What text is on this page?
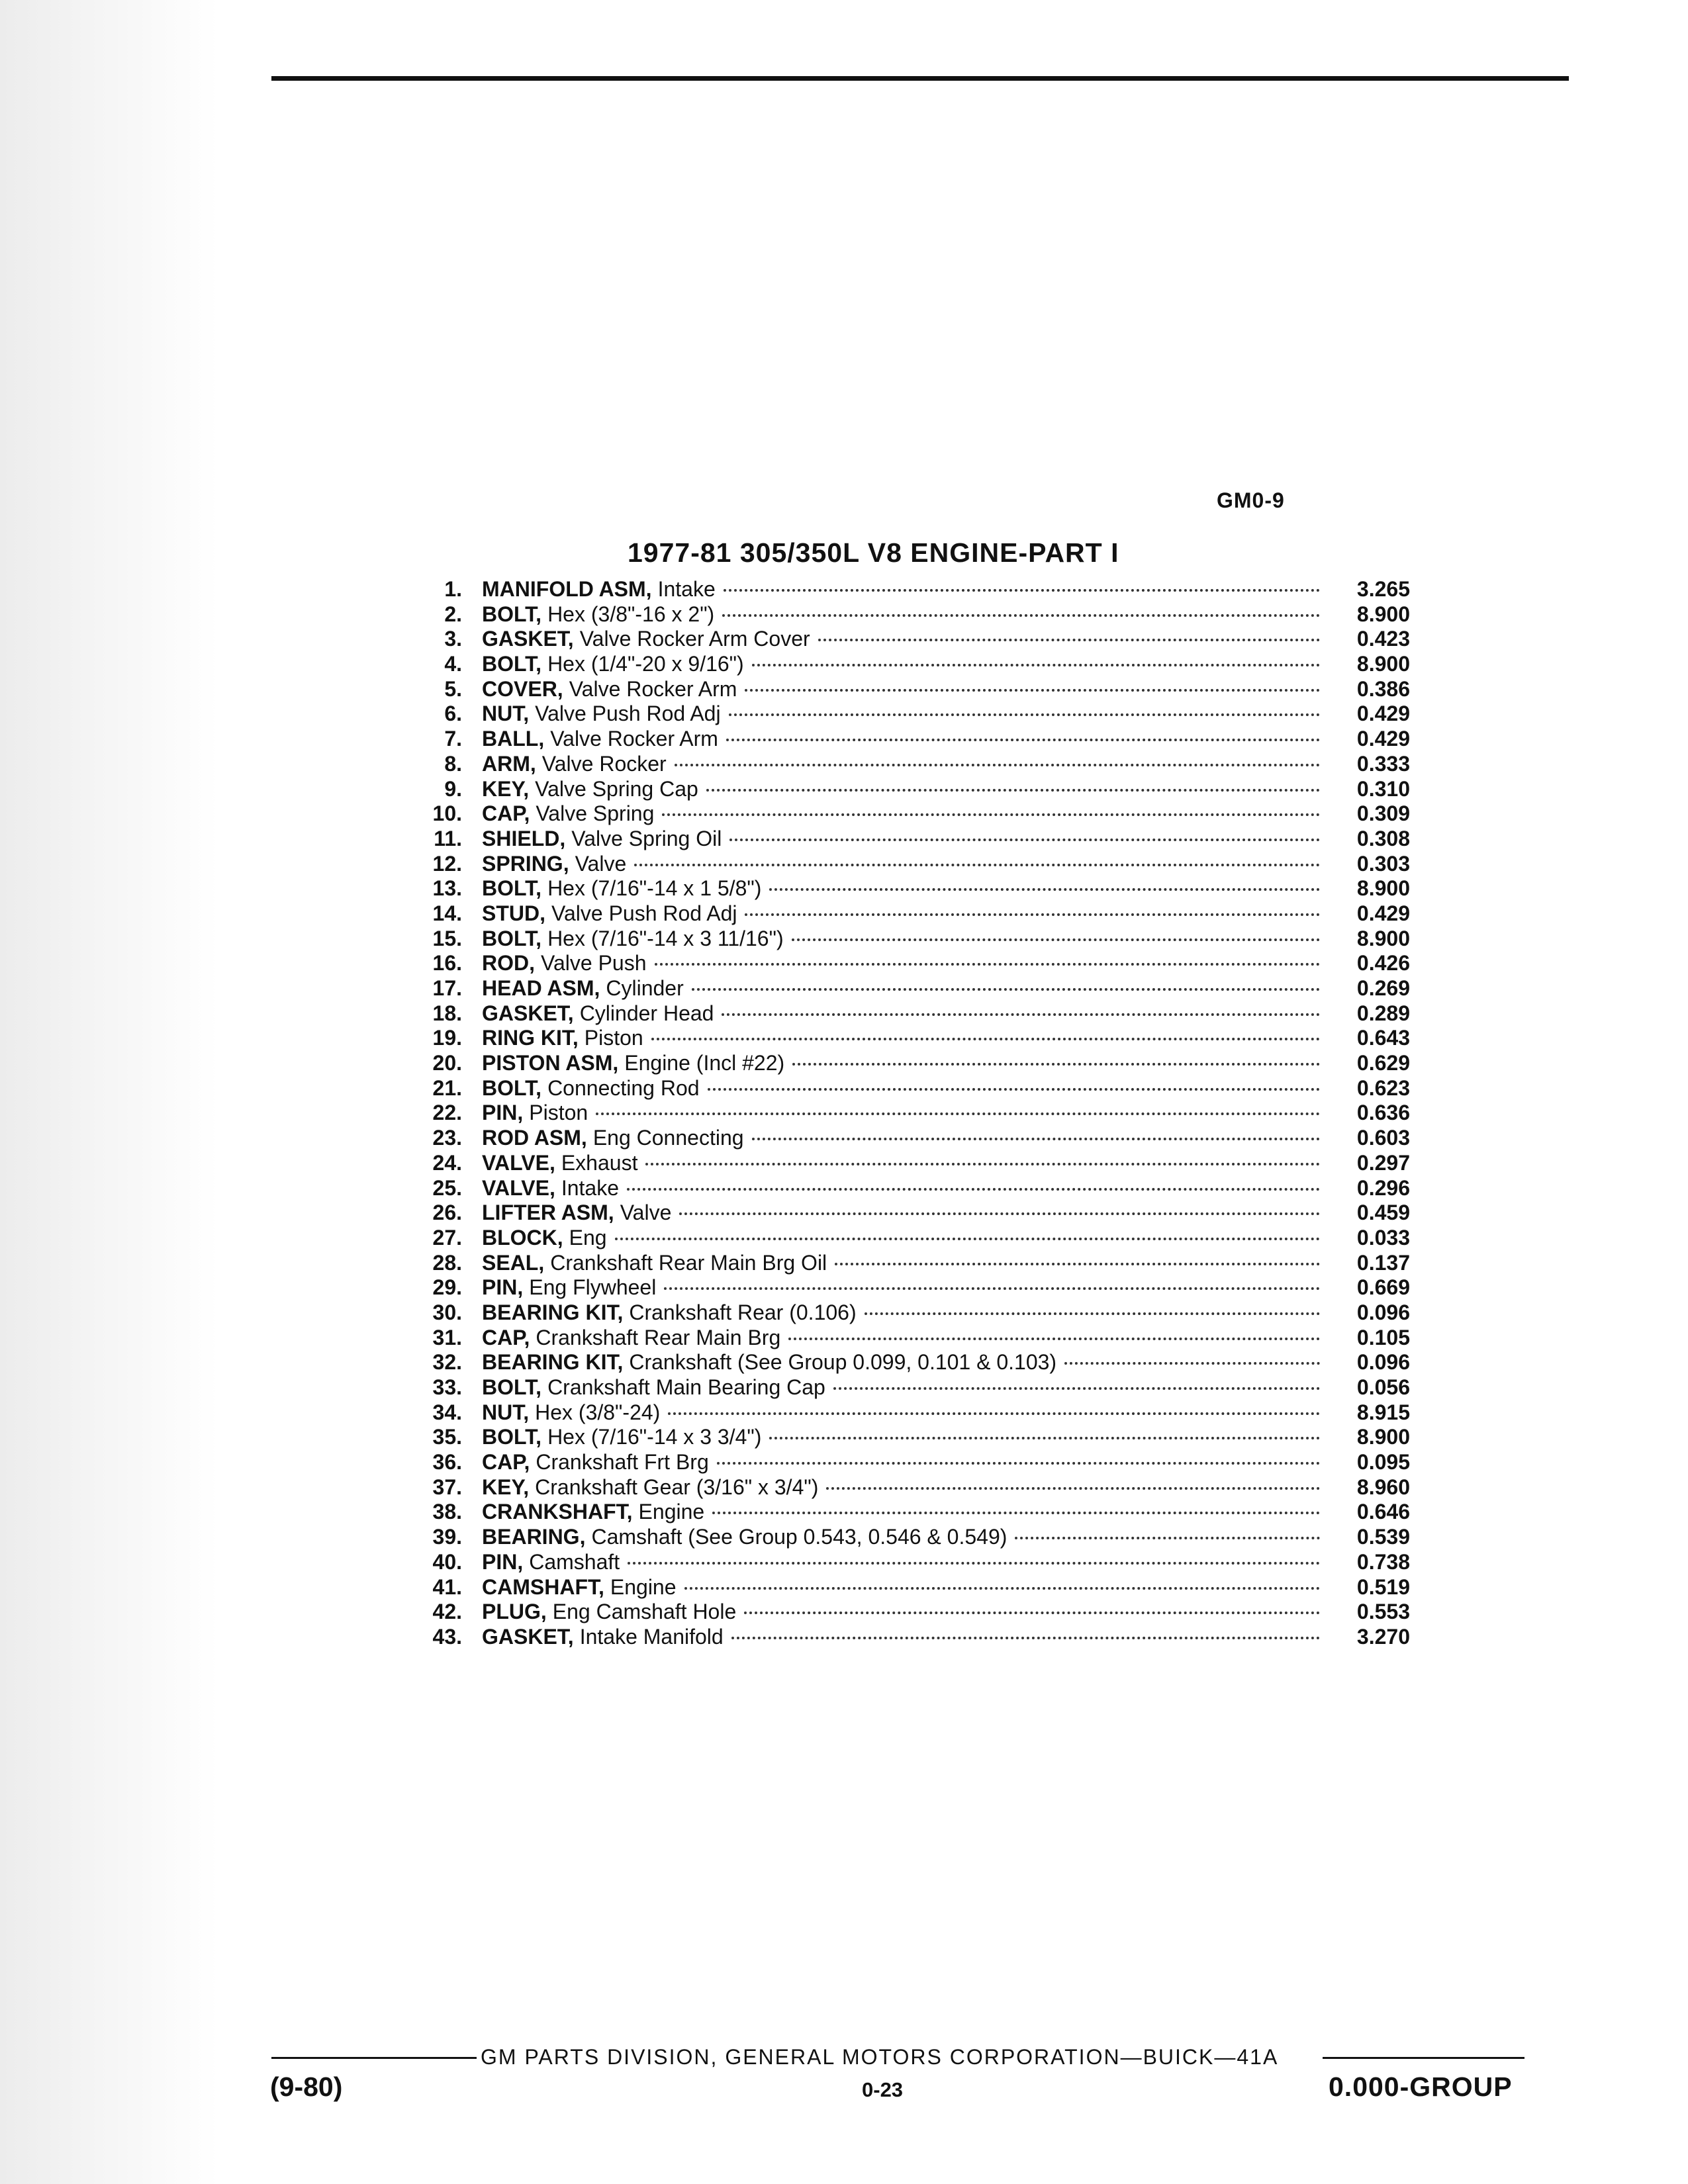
GM0-9
1977-81 305/350L V8 ENGINE-PART I
1. MANIFOLD ASM, Intake	3.265
2. BOLT, Hex (3/8"-16 x 2")	8.900
3. GASKET, Valve Rocker Arm Cover	0.423
4. BOLT, Hex (1/4"-20 x 9/16")	8.900
5. COVER, Valve Rocker Arm	0.386
6. NUT, Valve Push Rod Adj	0.429
7. BALL, Valve Rocker Arm	0.429
8. ARM, Valve Rocker	0.333
9. KEY, Valve Spring Cap	0.310
10. CAP, Valve Spring	0.309
11. SHIELD, Valve Spring Oil	0.308
12. SPRING, Valve	0.303
13. BOLT, Hex (7/16"-14 x 1 5/8")	8.900
14. STUD, Valve Push Rod Adj	0.429
15. BOLT, Hex (7/16"-14 x 3 11/16")	8.900
16. ROD, Valve Push	0.426
17. HEAD ASM, Cylinder	0.269
18. GASKET, Cylinder Head	0.289
19. RING KIT, Piston	0.643
20. PISTON ASM, Engine (Incl #22)	0.629
21. BOLT, Connecting Rod	0.623
22. PIN, Piston	0.636
23. ROD ASM, Eng Connecting	0.603
24. VALVE, Exhaust	0.297
25. VALVE, Intake	0.296
26. LIFTER ASM, Valve	0.459
27. BLOCK, Eng	0.033
28. SEAL, Crankshaft Rear Main Brg Oil	0.137
29. PIN, Eng Flywheel	0.669
30. BEARING KIT, Crankshaft Rear (0.106)	0.096
31. CAP, Crankshaft Rear Main Brg	0.105
32. BEARING KIT, Crankshaft (See Group 0.099, 0.101 & 0.103)	0.096
33. BOLT, Crankshaft Main Bearing Cap	0.056
34. NUT, Hex (3/8"-24)	8.915
35. BOLT, Hex (7/16"-14 x 3 3/4")	8.900
36. CAP, Crankshaft Frt Brg	0.095
37. KEY, Crankshaft Gear (3/16" x 3/4")	8.960
38. CRANKSHAFT, Engine	0.646
39. BEARING, Camshaft (See Group 0.543, 0.546 & 0.549)	0.539
40. PIN, Camshaft	0.738
41. CAMSHAFT, Engine	0.519
42. PLUG, Eng Camshaft Hole	0.553
43. GASKET, Intake Manifold	3.270
GM PARTS DIVISION, GENERAL MOTORS CORPORATION—BUICK—41A
(9-80)	0-23	0.000-GROUP
